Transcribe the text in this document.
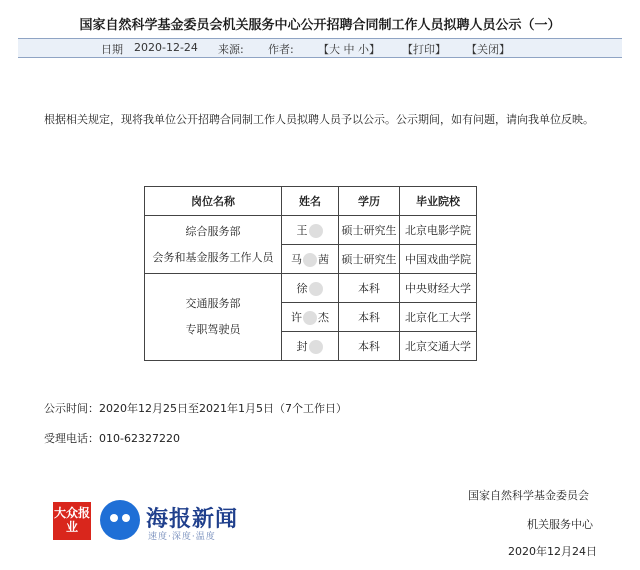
国家自然科学基金委员会机关服务中心公开招聘合同制工作人员拟聘人员公示（一）
日期 2020-12-24 来源: 作者: 【大 中 小】 【打印】 【关闭】
根据相关规定，现将我单位公开招聘合同制工作人员拟聘人员予以公示。公示期间，如有问题，请向我单位反映。
岗位名称	姓名	学历	毕业院校

综合服务部
会务和基金服务工作人员	王	硕士研究生	北京电影学院
	马 茜	硕士研究生	中国戏曲学院

交通服务部
专职驾驶员	徐	本科	中央财经大学
	许 杰	本科	北京化工大学
	封	本科	北京交通大学
公示时间：2020年12月25日至2021年1月5日（7个工作日）
受理电话：010-62327220
国家自然科学基金委员会
机关服务中心
2020年12月24日
大众报业	海报新闻
速度·深度·温度
